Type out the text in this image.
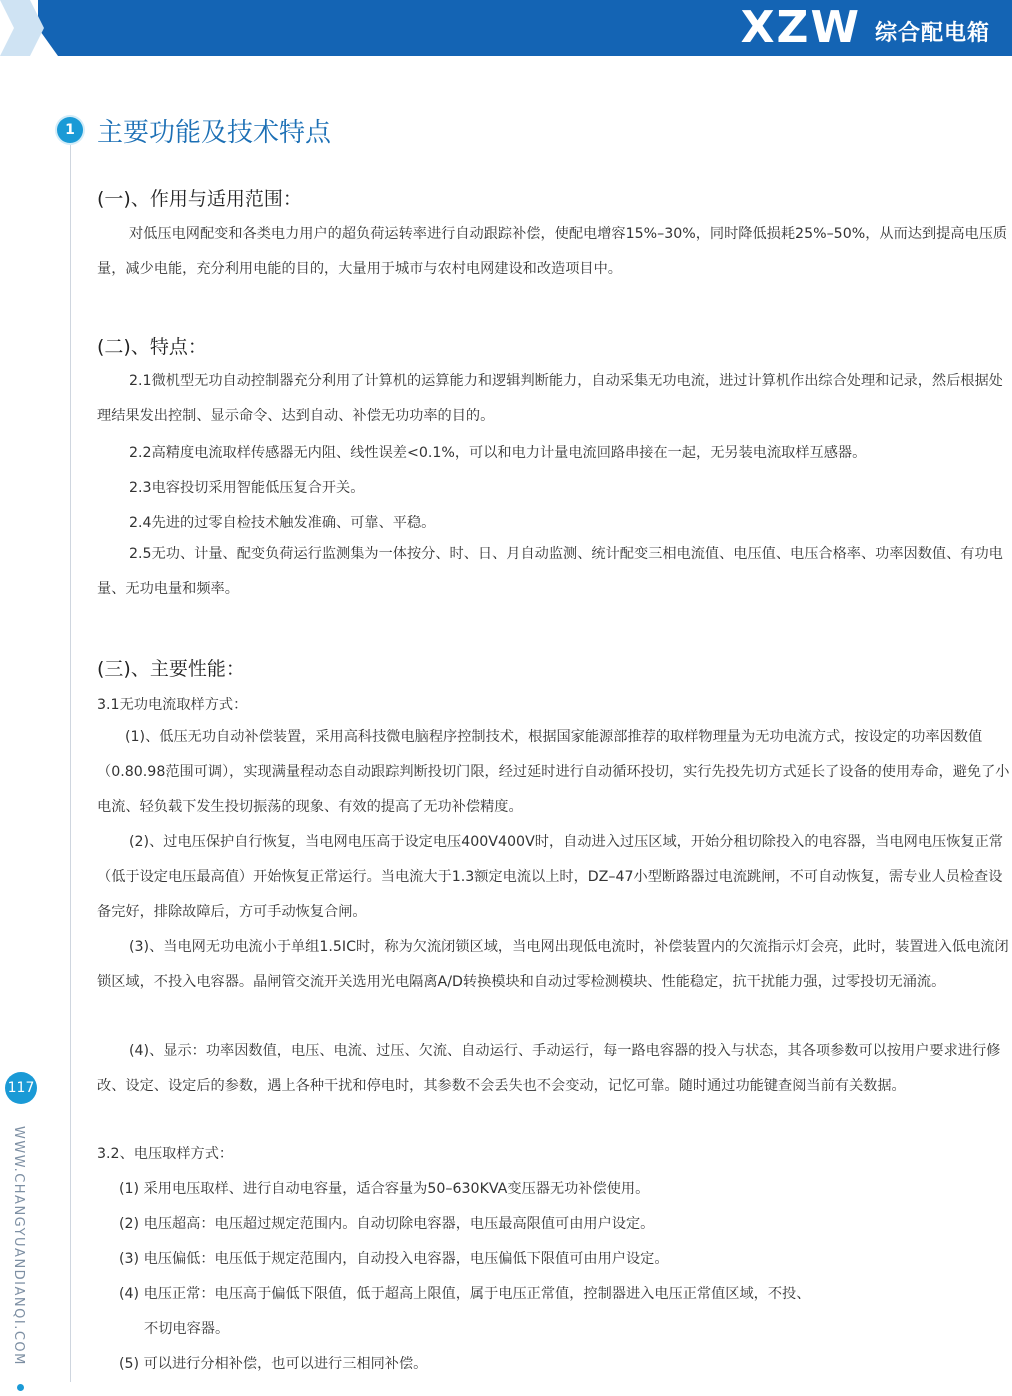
XZW 综合配电箱
117
WWW.CHANGYUANDIANQI.COM
1 主要功能及技术特点
(一)、作用与适用范围：
对低压电网配变和各类电力用户的超负荷运转率进行自动跟踪补偿，使配电增容15%–30%，同时降低损耗25%–50%，从而达到提高电压质量，减少电能，充分利用电能的目的，大量用于城市与农村电网建设和改造项目中。
(二)、特点：
2.1微机型无功自动控制器充分利用了计算机的运算能力和逻辑判断能力，自动采集无功电流，进过计算机作出综合处理和记录，然后根据处理结果发出控制、显示命令、达到自动、补偿无功功率的目的。
2.2高精度电流取样传感器无内阻、线性误差<0.1%，可以和电力计量电流回路串接在一起，无另装电流取样互感器。
2.3电容投切采用智能低压复合开关。
2.4先进的过零自检技术触发准确、可靠、平稳。
2.5无功、计量、配变负荷运行监测集为一体按分、时、日、月自动监测、统计配变三相电流值、电压值、电压合格率、功率因数值、有功电量、无功电量和频率。
(三)、主要性能：
3.1无功电流取样方式：
(1)、低压无功自动补偿装置，采用高科技微电脑程序控制技术，根据国家能源部推荐的取样物理量为无功电流方式，按设定的功率因数值（0.80.98范围可调），实现满量程动态自动跟踪判断投切门限，经过延时进行自动循环投切，实行先投先切方式延长了设备的使用寿命，避免了小电流、轻负载下发生投切振荡的现象、有效的提高了无功补偿精度。
(2)、过电压保护自行恢复，当电网电压高于设定电压400V400V时，自动进入过压区域，开始分租切除投入的电容器，当电网电压恢复正常（低于设定电压最高值）开始恢复正常运行。当电流大于1.3额定电流以上时，DZ–47小型断路器过电流跳闸，不可自动恢复，需专业人员检查设备完好，排除故障后，方可手动恢复合闸。
(3)、当电网无功电流小于单组1.5IC时，称为欠流闭锁区域，当电网出现低电流时，补偿装置内的欠流指示灯会亮，此时，装置进入低电流闭锁区域，不投入电容器。晶闸管交流开关选用光电隔离A/D转换模块和自动过零检测模块、性能稳定，抗干扰能力强，过零投切无涌流。
(4)、显示：功率因数值，电压、电流、过压、欠流、自动运行、手动运行，每一路电容器的投入与状态，其各项参数可以按用户要求进行修改、设定、设定后的参数，遇上各种干扰和停电时，其参数不会丢失也不会变动，记忆可靠。随时通过功能键查阅当前有关数据。
3.2、电压取样方式：
(1) 采用电压取样、进行自动电容量，适合容量为50–630KVA变压器无功补偿使用。
(2) 电压超高：电压超过规定范围内。自动切除电容器，电压最高限值可由用户设定。
(3) 电压偏低：电压低于规定范围内，自动投入电容器，电压偏低下限值可由用户设定。
(4) 电压正常：电压高于偏低下限值，低于超高上限值，属于电压正常值，控制器进入电压正常值区域，不投、
不切电容器。
(5) 可以进行分相补偿，也可以进行三相同补偿。
